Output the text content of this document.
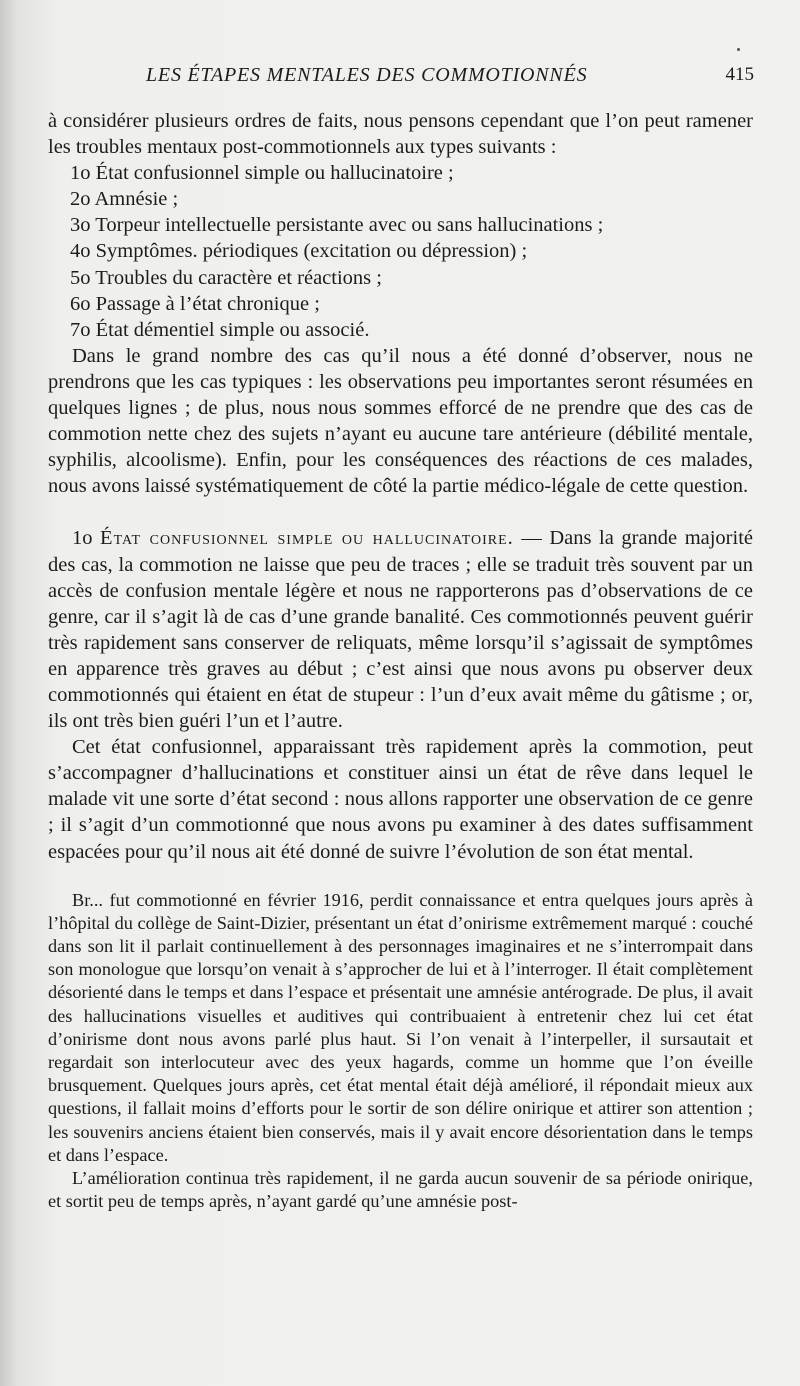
LES ÉTAPES MENTALES DES COMMOTIONNÉS	415

à considérer plusieurs ordres de faits, nous pensons cependant que l’on peut ramener les troubles mentaux post-commotionnels aux types suivants :

1o État confusionnel simple ou hallucinatoire ;
2o Amnésie ;
3o Torpeur intellectuelle persistante avec ou sans hallucinations ;
4o Symptômes. périodiques (excitation ou dépression) ;
5o Troubles du caractère et réactions ;
6o Passage à l’état chronique ;
7o État démentiel simple ou associé.

Dans le grand nombre des cas qu’il nous a été donné d’observer, nous ne prendrons que les cas typiques : les observations peu importantes seront résumées en quelques lignes ; de plus, nous nous sommes efforcé de ne prendre que des cas de commotion nette chez des sujets n’ayant eu aucune tare antérieure (débilité mentale, syphilis, alcoolisme). Enfin, pour les conséquences des réactions de ces malades, nous avons laissé systématiquement de côté la partie médico-légale de cette question.

1o État confusionnel simple ou hallucinatoire. — Dans la grande majorité des cas, la commotion ne laisse que peu de traces ; elle se traduit très souvent par un accès de confusion mentale légère et nous ne rapporterons pas d’observations de ce genre, car il s’agit là de cas d’une grande banalité. Ces commotionnés peuvent guérir très rapidement sans conserver de reliquats, même lorsqu’il s’agissait de symptômes en apparence très graves au début ; c’est ainsi que nous avons pu observer deux commotionnés qui étaient en état de stupeur : l’un d’eux avait même du gâtisme ; or, ils ont très bien guéri l’un et l’autre.

Cet état confusionnel, apparaissant très rapidement après la commotion, peut s’accompagner d’hallucinations et constituer ainsi un état de rêve dans lequel le malade vit une sorte d’état second : nous allons rapporter une observation de ce genre ; il s’agit d’un commotionné que nous avons pu examiner à des dates suffisamment espacées pour qu’il nous ait été donné de suivre l’évolution de son état mental.

Br... fut commotionné en février 1916, perdit connaissance et entra quelques jours après à l’hôpital du collège de Saint-Dizier, présentant un état d’onirisme extrêmement marqué : couché dans son lit il parlait continuellement à des personnages imaginaires et ne s’interrompait dans son monologue que lorsqu’on venait à s’approcher de lui et à l’interroger. Il était complètement désorienté dans le temps et dans l’espace et présentait une amnésie antérograde. De plus, il avait des hallucinations visuelles et auditives qui contribuaient à entretenir chez lui cet état d’onirisme dont nous avons parlé plus haut. Si l’on venait à l’interpeller, il sursautait et regardait son interlocuteur avec des yeux hagards, comme un homme que l’on éveille brusquement. Quelques jours après, cet état mental était déjà amélioré, il répondait mieux aux questions, il fallait moins d’efforts pour le sortir de son délire onirique et attirer son attention ; les souvenirs anciens étaient bien conservés, mais il y avait encore désorientation dans le temps et dans l’espace.

L’amélioration continua très rapidement, il ne garda aucun souvenir de sa période onirique, et sortit peu de temps après, n’ayant gardé qu’une amnésie post-
